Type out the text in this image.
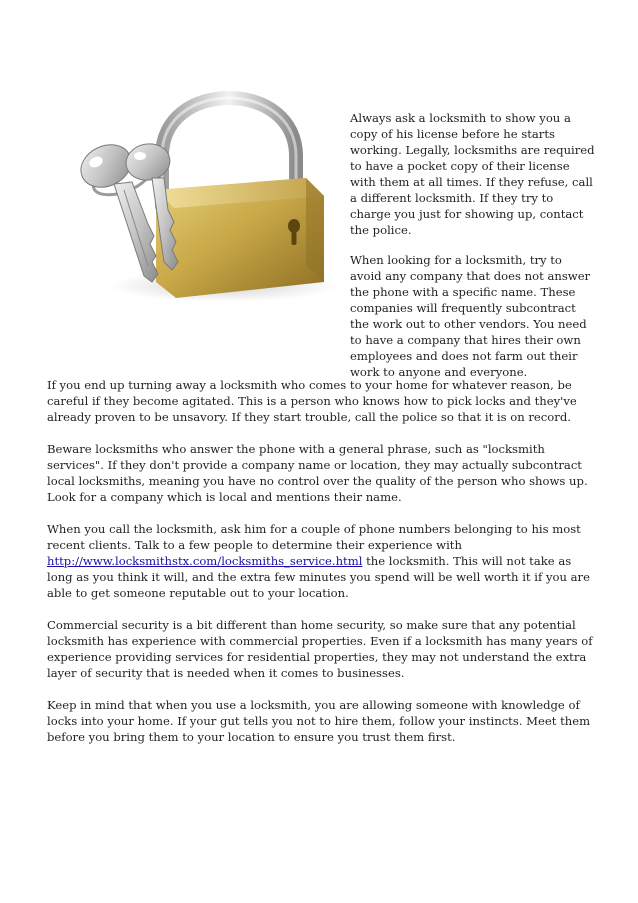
Always ask a locksmith to show you a copy of his license before he starts working. Legally, locksmiths are required to have a pocket copy of their license with them at all times. If they refuse, call a different locksmith. If they try to charge you just for showing up, contact the police.

When looking for a locksmith, try to avoid any company that does not answer the phone with a specific name. These companies will frequently subcontract the work out to other vendors. You need to have a company that hires their own employees and does not farm out their work to anyone and everyone.

If you end up turning away a locksmith who comes to your home for whatever reason, be careful if they become agitated. This is a person who knows how to pick locks and they've already proven to be unsavory. If they start trouble, call the police so that it is on record.

Beware locksmiths who answer the phone with a general phrase, such as "locksmith services". If they don't provide a company name or location, they may actually subcontract local locksmiths, meaning you have no control over the quality of the person who shows up. Look for a company which is local and mentions their name.

When you call the locksmith, ask him for a couple of phone numbers belonging to his most recent clients. Talk to a few people to determine their experience with http://www.locksmithstx.com/locksmiths_service.html the locksmith. This will not take as long as you think it will, and the extra few minutes you spend will be well worth it if you are able to get someone reputable out to your location.

Commercial security is a bit different than home security, so make sure that any potential locksmith has experience with commercial properties. Even if a locksmith has many years of experience providing services for residential properties, they may not understand the extra layer of security that is needed when it comes to businesses.

Keep in mind that when you use a locksmith, you are allowing someone with knowledge of locks into your home. If your gut tells you not to hire them, follow your instincts. Meet them before you bring them to your location to ensure you trust them first.
